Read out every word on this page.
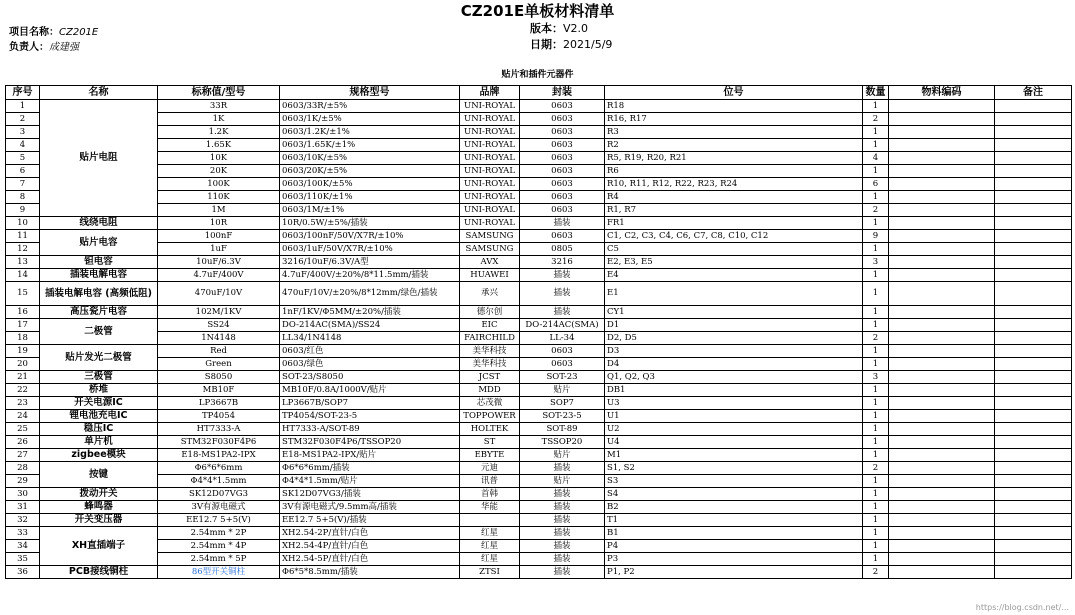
CZ201E单板材料清单
项目名称：CZ201E
负责人：成建强
版本：V2.0
日期：2021/5/9
贴片和插件元器件
序号	名称	标称值/型号	规格型号	品牌	封装	位号	数量	物料编码	备注
1	贴片电阻	33R	0603/33R/±5%	UNI-ROYAL	0603	R18	1		
2		1K	0603/1K/±5%	UNI-ROYAL	0603	R16, R17	2		
3		1.2K	0603/1.2K/±1%	UNI-ROYAL	0603	R3	1		
4		1.65K	0603/1.65K/±1%	UNI-ROYAL	0603	R2	1		
5		10K	0603/10K/±5%	UNI-ROYAL	0603	R5, R19, R20, R21	4		
6		20K	0603/20K/±5%	UNI-ROYAL	0603	R6	1		
7		100K	0603/100K/±5%	UNI-ROYAL	0603	R10, R11, R12, R22, R23, R24	6		
8		110K	0603/110K/±1%	UNI-ROYAL	0603	R4	1		
9		1M	0603/1M/±1%	UNI-ROYAL	0603	R1, R7	2		
10	线绕电阻	10R	10R/0.5W/±5%/插装	UNI-ROYAL	插装	FR1	1		
11	贴片电容	100nF	0603/100nF/50V/X7R/±10%	SAMSUNG	0603	C1, C2, C3, C4, C6, C7, C8, C10, C12	9		
12		1uF	0603/1uF/50V/X7R/±10%	SAMSUNG	0805	C5	1		
13	钽电容	10uF/6.3V	3216/10uF/6.3V/A型	AVX	3216	E2, E3, E5	3		
14	插装电解电容	4.7uF/400V	4.7uF/400V/±20%/8*11.5mm/插装	HUAWEI	插装	E4	1		
15	插装电解电容 (高频低阻)	470uF/10V	470uF/10V/±20%/8*12mm/绿色/插装	承兴	插装	E1	1		
16	高压瓷片电容	102M/1KV	1nF/1KV/Φ5MM/±20%/插装	德尔创	插装	CY1	1		
17	二极管	SS24	DO-214AC(SMA)/SS24	EIC	DO-214AC(SMA)	D1	1		
18		1N4148	LL34/1N4148	FAIRCHILD	LL-34	D2, D5	2		
19	贴片发光二极管	Red	0603/红色	美华科技	0603	D3	1		
20		Green	0603/绿色	美华科技	0603	D4	1		
21	三极管	S8050	SOT-23/S8050	JCST	SOT-23	Q1, Q2, Q3	3		
22	桥堆	MB10F	MB10F/0.8A/1000V/贴片	MDD	贴片	DB1	1		
23	开关电源IC	LP3667B	LP3667B/SOP7	芯茂微	SOP7	U3	1		
24	锂电池充电IC	TP4054	TP4054/SOT-23-5	TOPPOWER	SOT-23-5	U1	1		
25	稳压IC	HT7333-A	HT7333-A/SOT-89	HOLTEK	SOT-89	U2	1		
26	单片机	STM32F030F4P6	STM32F030F4P6/TSSOP20	ST	TSSOP20	U4	1		
27	zigbee模块	E18-MS1PA2-IPX	E18-MS1PA2-IPX/贴片	EBYTE	贴片	M1	1		
28	按键	Φ6*6*6mm	Φ6*6*6mm/插装	元迪	插装	S1, S2	2		
29		Φ4*4*1.5mm	Φ4*4*1.5mm/贴片	讯普	贴片	S3	1		
30	拨动开关	SK12D07VG3	SK12D07VG3/插装	首韩	插装	S4	1		
31	蜂鸣器	3V有源电磁式	3V有源电磁式/9.5mm高/插装	华能	插装	B2	1		
32	开关变压器	EE12.7 5+5(V)	EE12.7 5+5(V)/插装		插装	T1	1		
33	XH直插端子	2.54mm * 2P	XH2.54-2P/直针/白色	红星	插装	B1	1		
34		2.54mm * 4P	XH2.54-4P/直针/白色	红星	插装	P4	1		
35		2.54mm * 5P	XH2.54-5P/直针/白色	红星	插装	P3	1		
36	PCB接线铜柱	86型开关铜柱	Φ6*5*8.5mm/插装	ZTSI	插装	P1, P2	2		
https://blog.csdn.net/...
